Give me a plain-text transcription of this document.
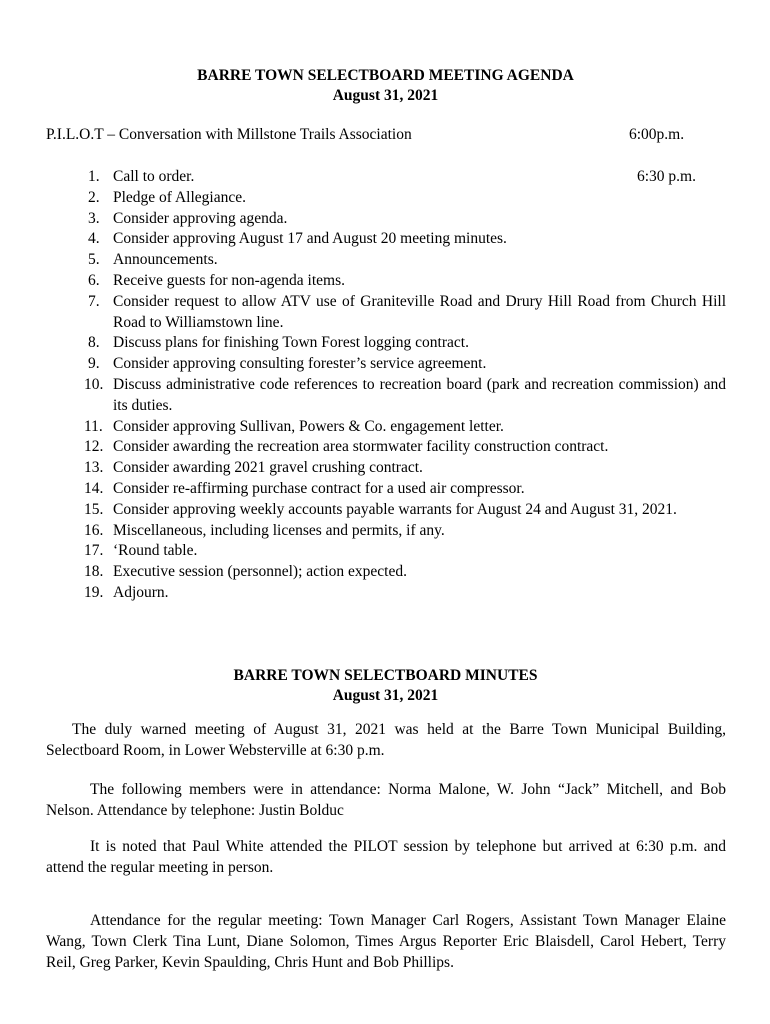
BARRE TOWN SELECTBOARD MEETING AGENDA
August 31, 2021
P.I.L.O.T – Conversation with Millstone Trails Association	6:00p.m.
1. Call to order.	6:30 p.m.
2. Pledge of Allegiance.
3. Consider approving agenda.
4. Consider approving August 17 and August 20 meeting minutes.
5. Announcements.
6. Receive guests for non-agenda items.
7. Consider request to allow ATV use of Graniteville Road and Drury Hill Road from Church Hill Road to Williamstown line.
8. Discuss plans for finishing Town Forest logging contract.
9. Consider approving consulting forester’s service agreement.
10. Discuss administrative code references to recreation board (park and recreation commission) and its duties.
11. Consider approving Sullivan, Powers & Co. engagement letter.
12. Consider awarding the recreation area stormwater facility construction contract.
13. Consider awarding 2021 gravel crushing contract.
14. Consider re-affirming purchase contract for a used air compressor.
15. Consider approving weekly accounts payable warrants for August 24 and August 31, 2021.
16. Miscellaneous, including licenses and permits, if any.
17. ‘Round table.
18. Executive session (personnel); action expected.
19. Adjourn.
BARRE TOWN SELECTBOARD MINUTES
August 31, 2021

The duly warned meeting of August 31, 2021 was held at the Barre Town Municipal Building, Selectboard Room, in Lower Websterville at 6:30 p.m.

The following members were in attendance: Norma Malone, W. John “Jack” Mitchell, and Bob Nelson. Attendance by telephone: Justin Bolduc

It is noted that Paul White attended the PILOT session by telephone but arrived at 6:30 p.m. and attend the regular meeting in person.

Attendance for the regular meeting: Town Manager Carl Rogers, Assistant Town Manager Elaine Wang, Town Clerk Tina Lunt, Diane Solomon, Times Argus Reporter Eric Blaisdell, Carol Hebert, Terry Reil, Greg Parker, Kevin Spaulding, Chris Hunt and Bob Phillips.
